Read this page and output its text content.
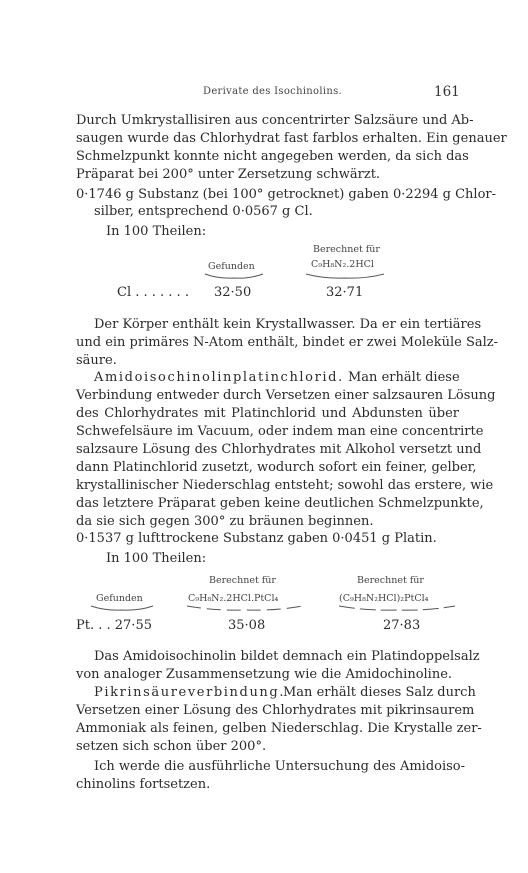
Derivate des Isochinolins.	161
Durch Umkrystallisiren aus concentrirter Salzsäure und Ab-
saugen wurde das Chlorhydrat fast farblos erhalten. Ein genauer
Schmelzpunkt konnte nicht angegeben werden, da sich das
Präparat bei 200° unter Zersetzung schwärzt.
0·1746 g Substanz (bei 100° getrocknet) gaben 0·2294 g Chlor-
silber, entsprechend 0·0567 g Cl.
In 100 Theilen:
Berechnet für
Gefunden	C₉H₈N₂.2HCl
Cl . . . . . . . 32·50	32·71
Der Körper enthält kein Krystallwasser. Da er ein tertiäres
und ein primäres N-Atom enthält, bindet er zwei Moleküle Salz-
säure.
Amidoisochinolinplatinchlorid. Man erhält diese
Verbindung entweder durch Versetzen einer salzsauren Lösung
des Chlorhydrates mit Platinchlorid und Abdunsten über
Schwefelsäure im Vacuum, oder indem man eine concentrirte
salzsaure Lösung des Chlorhydrates mit Alkohol versetzt und
dann Platinchlorid zusetzt, wodurch sofort ein feiner, gelber,
krystallinischer Niederschlag entsteht; sowohl das erstere, wie
das letztere Präparat geben keine deutlichen Schmelzpunkte,
da sie sich gegen 300° zu bräunen beginnen.
0·1537 g lufttrockene Substanz gaben 0·0451 g Platin.
In 100 Theilen:
Berechnet für	Berechnet für
Gefunden	C₉H₈N₂.2HCl.PtCl₄	(C₉H₈N₂HCl)₂PtCl₄
Pt. . . 27·55	35·08	27·83
Das Amidoisochinolin bildet demnach ein Platindoppelsalz
von analoger Zusammensetzung wie die Amidochinoline.
Pikrinsäureverbindung.
Man erhält dieses Salz durch
Versetzen einer Lösung des Chlorhydrates mit pikrinsaurem
Ammoniak als feinen, gelben Niederschlag. Die Krystalle zer-
setzen sich schon über 200°.
Ich werde die ausführliche Untersuchung des Amidoiso-
chinolins fortsetzen.
